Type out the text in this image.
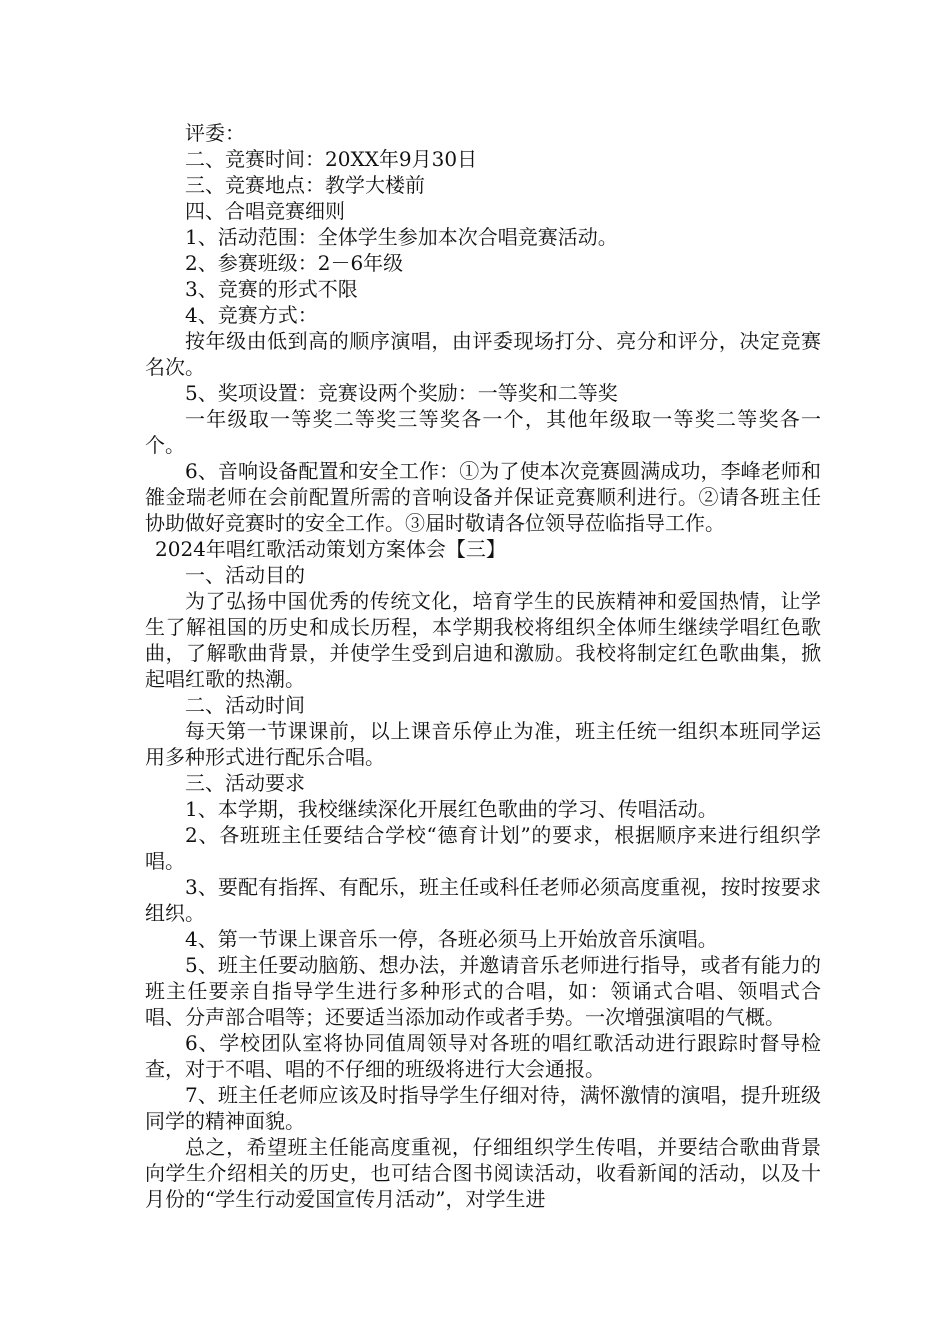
评委：

二、竞赛时间：20XX年9月30日

三、竞赛地点：教学大楼前

四、合唱竞赛细则

1、活动范围：全体学生参加本次合唱竞赛活动。

2、参赛班级：2－6年级

3、竞赛的形式不限

4、竞赛方式：

按年级由低到高的顺序演唱，由评委现场打分、亮分和评分，决定竞赛名次。

5、奖项设置：竞赛设两个奖励：一等奖和二等奖

一年级取一等奖二等奖三等奖各一个，其他年级取一等奖二等奖各一个。

6、音响设备配置和安全工作：①为了使本次竞赛圆满成功，李峰老师和雒金瑞老师在会前配置所需的音响设备并保证竞赛顺利进行。②请各班主任协助做好竞赛时的安全工作。③届时敬请各位领导莅临指导工作。

2024年唱红歌活动策划方案体会【三】

一、活动目的

为了弘扬中国优秀的传统文化，培育学生的民族精神和爱国热情，让学生了解祖国的历史和成长历程，本学期我校将组织全体师生继续学唱红色歌曲，了解歌曲背景，并使学生受到启迪和激励。我校将制定红色歌曲集，掀起唱红歌的热潮。

二、活动时间

每天第一节课课前，以上课音乐停止为准，班主任统一组织本班同学运用多种形式进行配乐合唱。

三、活动要求

1、本学期，我校继续深化开展红色歌曲的学习、传唱活动。

2、各班班主任要结合学校“德育计划”的要求，根据顺序来进行组织学唱。

3、要配有指挥、有配乐，班主任或科任老师必须高度重视，按时按要求组织。

4、第一节课上课音乐一停，各班必须马上开始放音乐演唱。

5、班主任要动脑筋、想办法，并邀请音乐老师进行指导，或者有能力的班主任要亲自指导学生进行多种形式的合唱，如：领诵式合唱、领唱式合唱、分声部合唱等；还要适当添加动作或者手势。一次增强演唱的气概。

6、学校团队室将协同值周领导对各班的唱红歌活动进行跟踪时督导检查，对于不唱、唱的不仔细的班级将进行大会通报。

7、班主任老师应该及时指导学生仔细对待，满怀激情的演唱，提升班级同学的精神面貌。

总之，希望班主任能高度重视，仔细组织学生传唱，并要结合歌曲背景向学生介绍相关的历史，也可结合图书阅读活动，收看新闻的活动，以及十月份的“学生行动爱国宣传月活动”，对学生进
